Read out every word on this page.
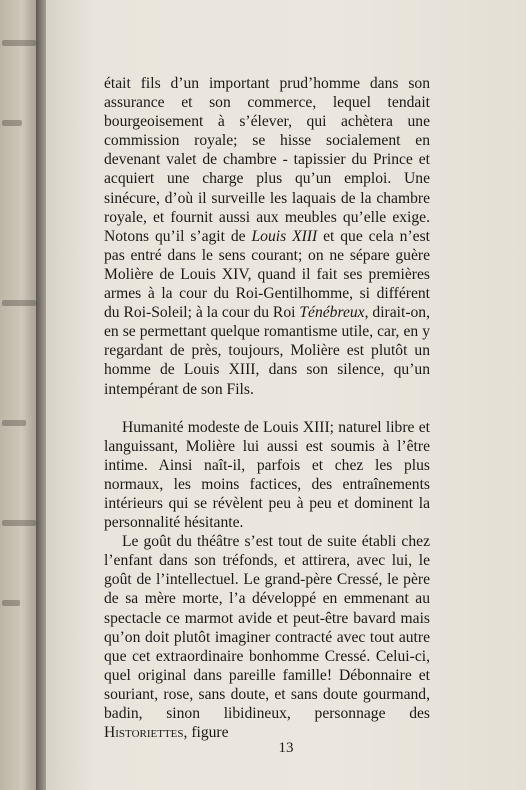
était fils d’un important prud’homme dans son assurance et son commerce, lequel tendait bourgeoisement à s’élever, qui achètera une commission royale; se hisse socialement en devenant valet de chambre - tapissier du Prince et acquiert une charge plus qu’un emploi. Une sinécure, d’où il surveille les laquais de la chambre royale, et fournit aussi aux meubles qu’elle exige. Notons qu’il s’agit de Louis XIII et que cela n’est pas entré dans le sens courant; on ne sépare guère Molière de Louis XIV, quand il fait ses premières armes à la cour du Roi-Gentilhomme, si différent du Roi-Soleil; à la cour du Roi Ténébreux, dirait-on, en se permettant quelque romantisme utile, car, en y regardant de près, toujours, Molière est plutôt un homme de Louis XIII, dans son silence, qu’un intempérant de son Fils.

Humanité modeste de Louis XIII; naturel libre et languissant, Molière lui aussi est soumis à l’être intime. Ainsi naît-il, parfois et chez les plus normaux, les moins factices, des entraînements intérieurs qui se révèlent peu à peu et dominent la personnalité hésitante.

Le goût du théâtre s’est tout de suite établi chez l’enfant dans son tréfonds, et attirera, avec lui, le goût de l’intellectuel. Le grand-père Cressé, le père de sa mère morte, l’a développé en emmenant au spectacle ce marmot avide et peut-être bavard mais qu’on doit plutôt imaginer contracté avec tout autre que cet extraordinaire bonhomme Cressé. Celui-ci, quel original dans pareille famille! Débonnaire et souriant, rose, sans doute, et sans doute gourmand, badin, sinon libidineux, personnage des Historiettes, figure

13
